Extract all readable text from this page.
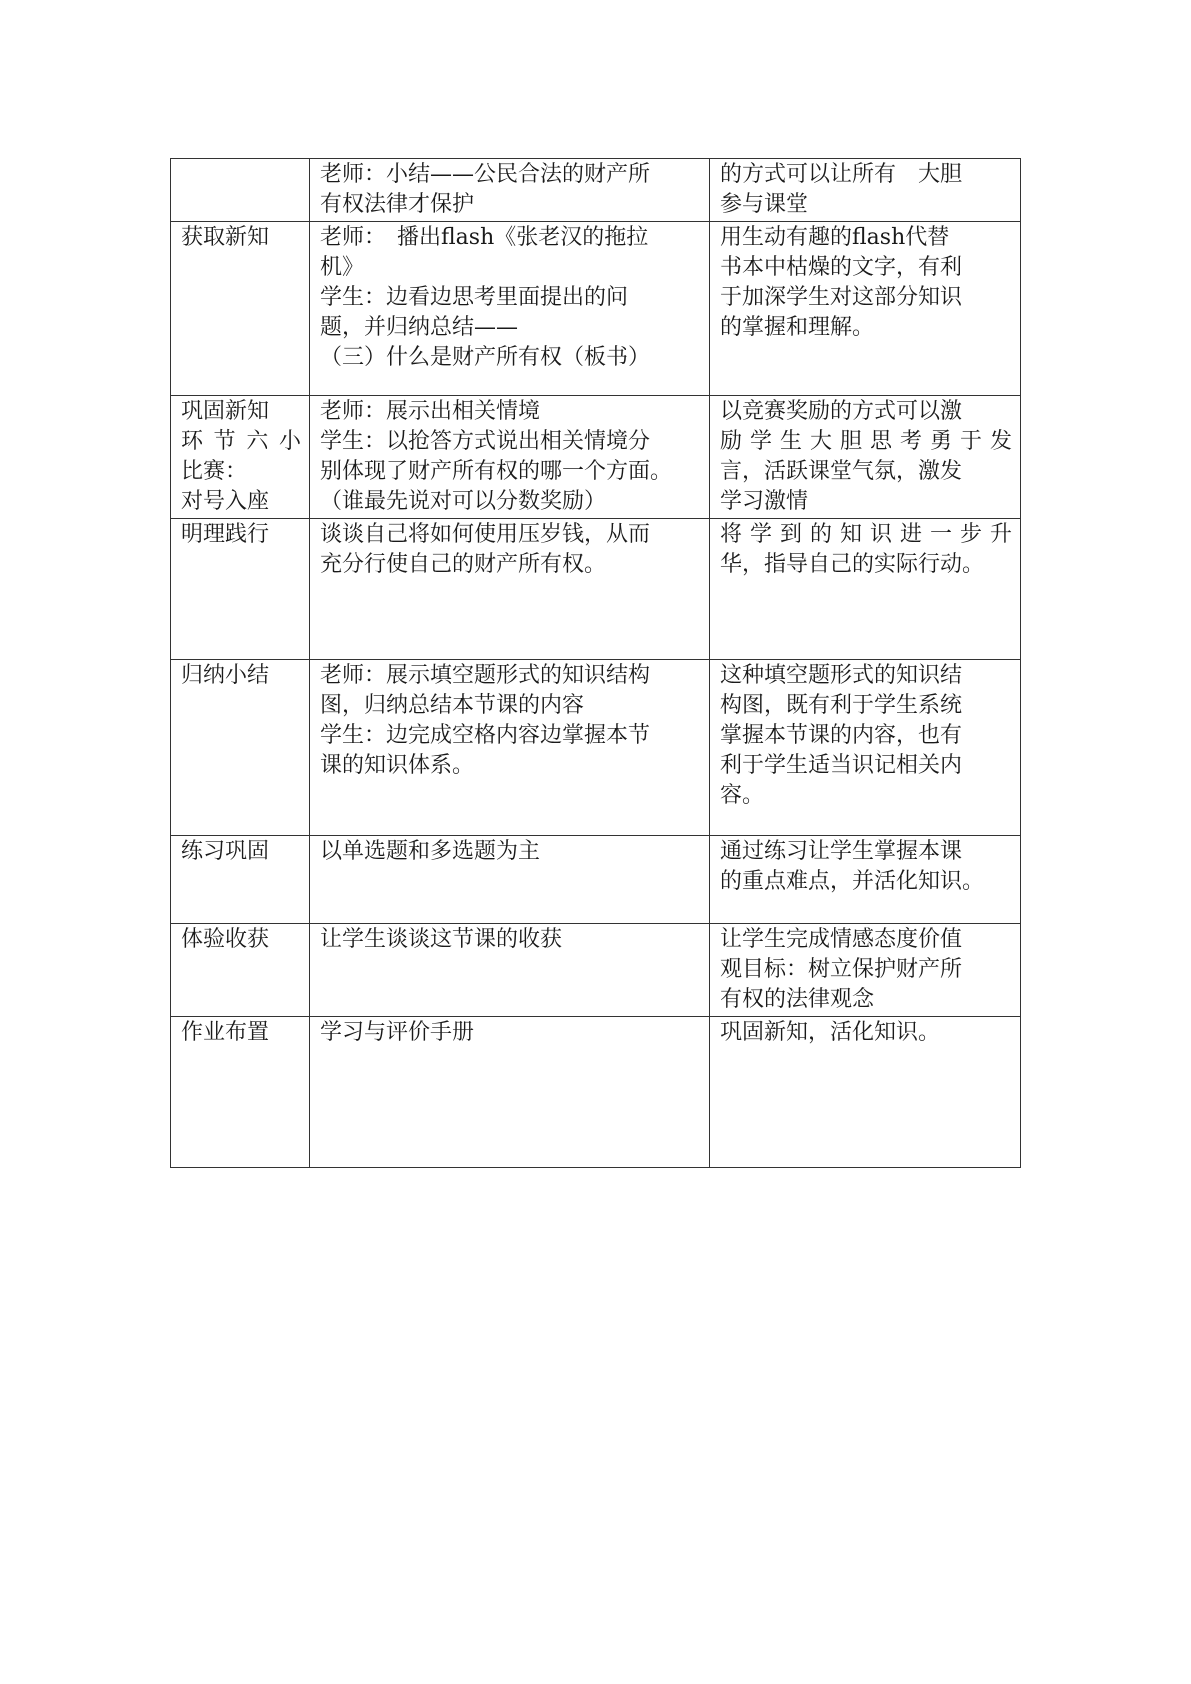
	老师：小结——公民合法的财产所
有权法律才保护	的方式可以让所有　大胆
参与课堂

获取新知	老师：　播出flash《张老汉的拖拉
机》
学生：边看边思考里面提出的问
题，并归纳总结——
（三）什么是财产所有权（板书）	用生动有趣的flash代替
书本中枯燥的文字，有利
于加深学生对这部分知识
的掌握和理解。

巩固新知
环节六小
比赛：
对号入座	老师：展示出相关情境
学生：以抢答方式说出相关情境分
别体现了财产所有权的哪一个方面。
（谁最先说对可以分数奖励）	以竞赛奖励的方式可以激
励学生大胆思考勇于发
言，活跃课堂气氛，激发
学习激情

明理践行	谈谈自己将如何使用压岁钱，从而
充分行使自己的财产所有权。	将学到的知识进一步升
华，指导自己的实际行动。

归纳小结	老师：展示填空题形式的知识结构
图，归纳总结本节课的内容
学生：边完成空格内容边掌握本节
课的知识体系。	这种填空题形式的知识结
构图，既有利于学生系统
掌握本节课的内容，也有
利于学生适当识记相关内
容。

练习巩固	以单选题和多选题为主	通过练习让学生掌握本课
的重点难点，并活化知识。

体验收获	让学生谈谈这节课的收获	让学生完成情感态度价值
观目标：树立保护财产所
有权的法律观念

作业布置	学习与评价手册	巩固新知，活化知识。
